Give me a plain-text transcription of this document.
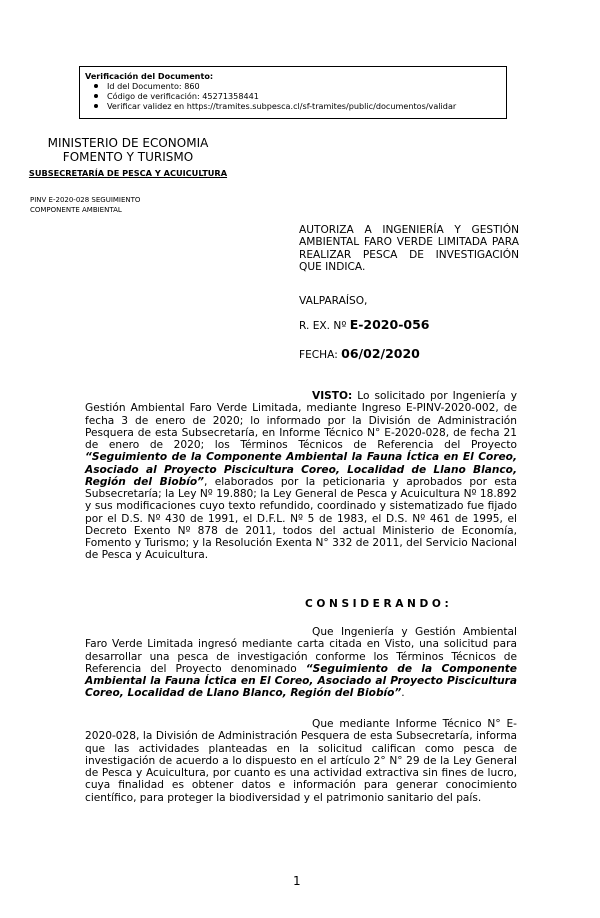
Verificación del Documento:
Id del Documento: 860
Código de verificación: 45271358441
Verificar validez en https://tramites.subpesca.cl/sf-tramites/public/documentos/validar
MINISTERIO DE ECONOMIA
FOMENTO Y TURISMO
SUBSECRETARÍA DE PESCA Y ACUICULTURA
PINV E-2020-028 SEGUIMIENTO COMPONENTE AMBIENTAL
AUTORIZA A INGENIERÍA Y GESTIÓN AMBIENTAL FARO VERDE LIMITADA PARA REALIZAR PESCA DE INVESTIGACIÓN QUE INDICA.
VALPARAÍSO,
R. EX. Nº E-2020-056
FECHA: 06/02/2020
VISTO: Lo solicitado por Ingeniería y Gestión Ambiental Faro Verde Limitada, mediante Ingreso E-PINV-2020-002, de fecha 3 de enero de 2020; lo informado por la División de Administración Pesquera de esta Subsecretaría, en Informe Técnico N° E-2020-028, de fecha 21 de enero de 2020; los Términos Técnicos de Referencia del Proyecto “Seguimiento de la Componente Ambiental la Fauna Íctica en El Coreo, Asociado al Proyecto Piscicultura Coreo, Localidad de Llano Blanco, Región del Biobío”, elaborados por la peticionaria y aprobados por esta Subsecretaría; la Ley Nº 19.880; la Ley General de Pesca y Acuicultura Nº 18.892 y sus modificaciones cuyo texto refundido, coordinado y sistematizado fue fijado por el D.S. Nº 430 de 1991, el D.F.L. Nº 5 de 1983, el D.S. Nº 461 de 1995, el Decreto Exento Nº 878 de 2011, todos del actual Ministerio de Economía, Fomento y Turismo; y la Resolución Exenta N° 332 de 2011, del Servicio Nacional de Pesca y Acuicultura.
CONSIDERANDO:
Que Ingeniería y Gestión Ambiental Faro Verde Limitada ingresó mediante carta citada en Visto, una solicitud para desarrollar una pesca de investigación conforme los Términos Técnicos de Referencia del Proyecto denominado “Seguimiento de la Componente Ambiental la Fauna Íctica en El Coreo, Asociado al Proyecto Piscicultura Coreo, Localidad de Llano Blanco, Región del Biobío”.
Que mediante Informe Técnico N° E-2020-028, la División de Administración Pesquera de esta Subsecretaría, informa que las actividades planteadas en la solicitud califican como pesca de investigación de acuerdo a lo dispuesto en el artículo 2° N° 29 de la Ley General de Pesca y Acuicultura, por cuanto es una actividad extractiva sin fines de lucro, cuya finalidad es obtener datos e información para generar conocimiento científico, para proteger la biodiversidad y el patrimonio sanitario del país.
1
